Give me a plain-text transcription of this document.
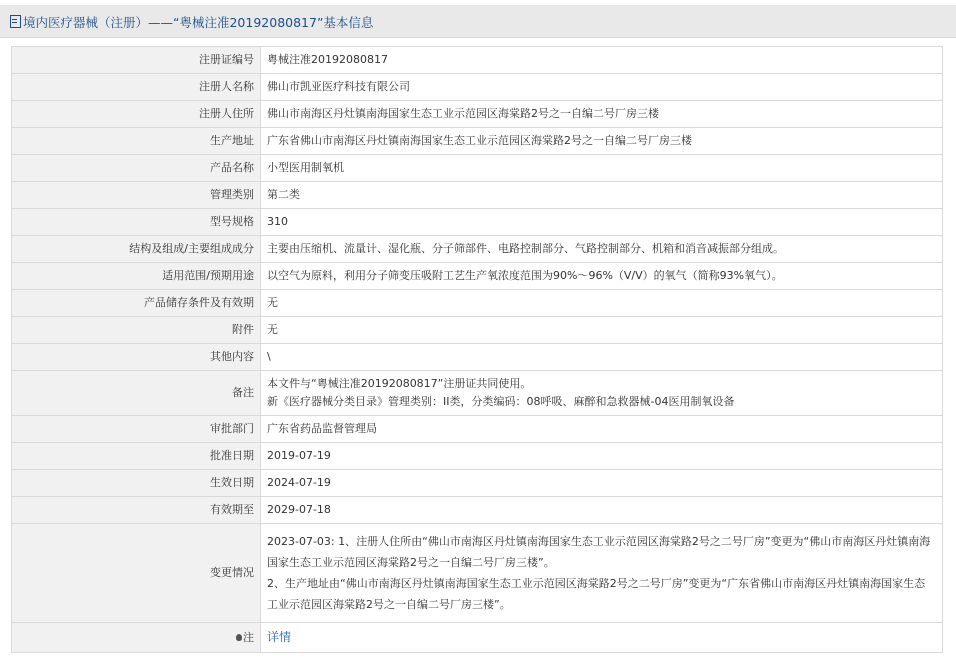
境内医疗器械（注册）——“粤械注准20192080817”基本信息
注册证编号	粤械注准20192080817
注册人名称	佛山市凯亚医疗科技有限公司
注册人住所	佛山市南海区丹灶镇南海国家生态工业示范园区海棠路2号之一自编二号厂房三楼
生产地址	广东省佛山市南海区丹灶镇南海国家生态工业示范园区海棠路2号之一自编二号厂房三楼
产品名称	小型医用制氧机
管理类别	第二类
型号规格	310
结构及组成/主要组成成分	主要由压缩机、流量计、湿化瓶、分子筛部件、电路控制部分、气路控制部分、机箱和消音减振部分组成。
适用范围/预期用途	以空气为原料，利用分子筛变压吸附工艺生产氧浓度范围为90%～96%（V/V）的氧气（简称93%氧气）。
产品储存条件及有效期	无
附件	无
其他内容	\
备注	本文件与“粤械注准20192080817”注册证共同使用。
新《医疗器械分类目录》管理类别：II类，分类编码：08呼吸、麻醉和急救器械-04医用制氧设备

审批部门	广东省药品监督管理局
批准日期	2019-07-19
生效日期	2024-07-19
有效期至	2029-07-18
变更情况	2023-07-03: 1、注册人住所由“佛山市南海区丹灶镇南海国家生态工业示范园区海棠路2号之二号厂房”变更为“佛山市南海区丹灶镇南海国家生态工业示范园区海棠路2号之一自编二号厂房三楼”。
2、生产地址由“佛山市南海区丹灶镇南海国家生态工业示范园区海棠路2号之二号厂房”变更为“广东省佛山市南海区丹灶镇南海国家生态工业示范园区海棠路2号之一自编二号厂房三楼”。

注	详情
